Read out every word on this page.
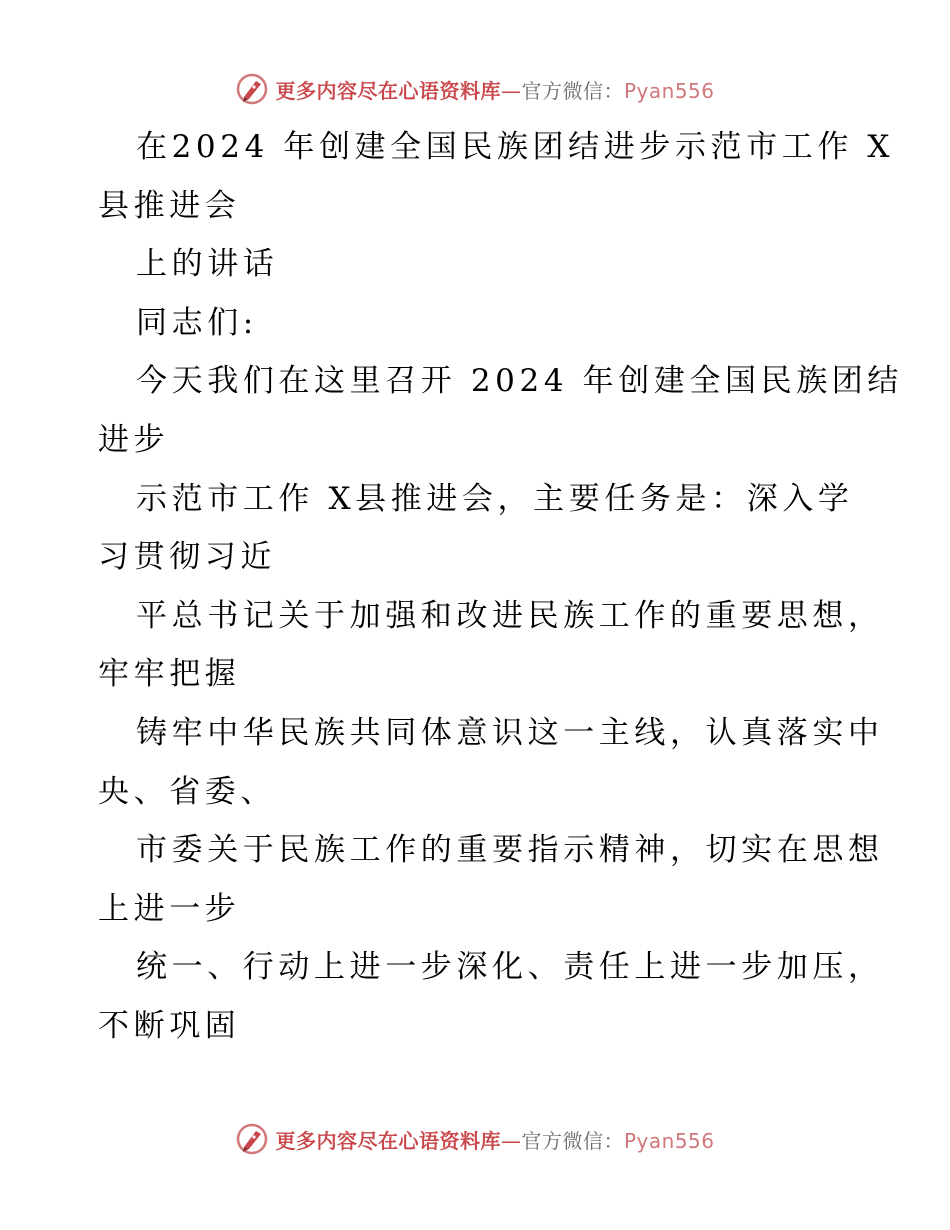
更多内容尽在心语资料库—官方微信：Pyan556
在2024 年创建全国民族团结进步示范市工作 X
县推进会
上的讲话
同志们:
今天我们在这里召开 2024 年创建全国民族团结
进步
示范市工作 X县推进会，主要任务是：深入学
习贯彻习近
平总书记关于加强和改进民族工作的重要思想，
牢牢把握
铸牢中华民族共同体意识这一主线，认真落实中
央、省委、
市委关于民族工作的重要指示精神，切实在思想
上进一步
统一、行动上进一步深化、责任上进一步加压，
不断巩固
更多内容尽在心语资料库—官方微信：Pyan556
